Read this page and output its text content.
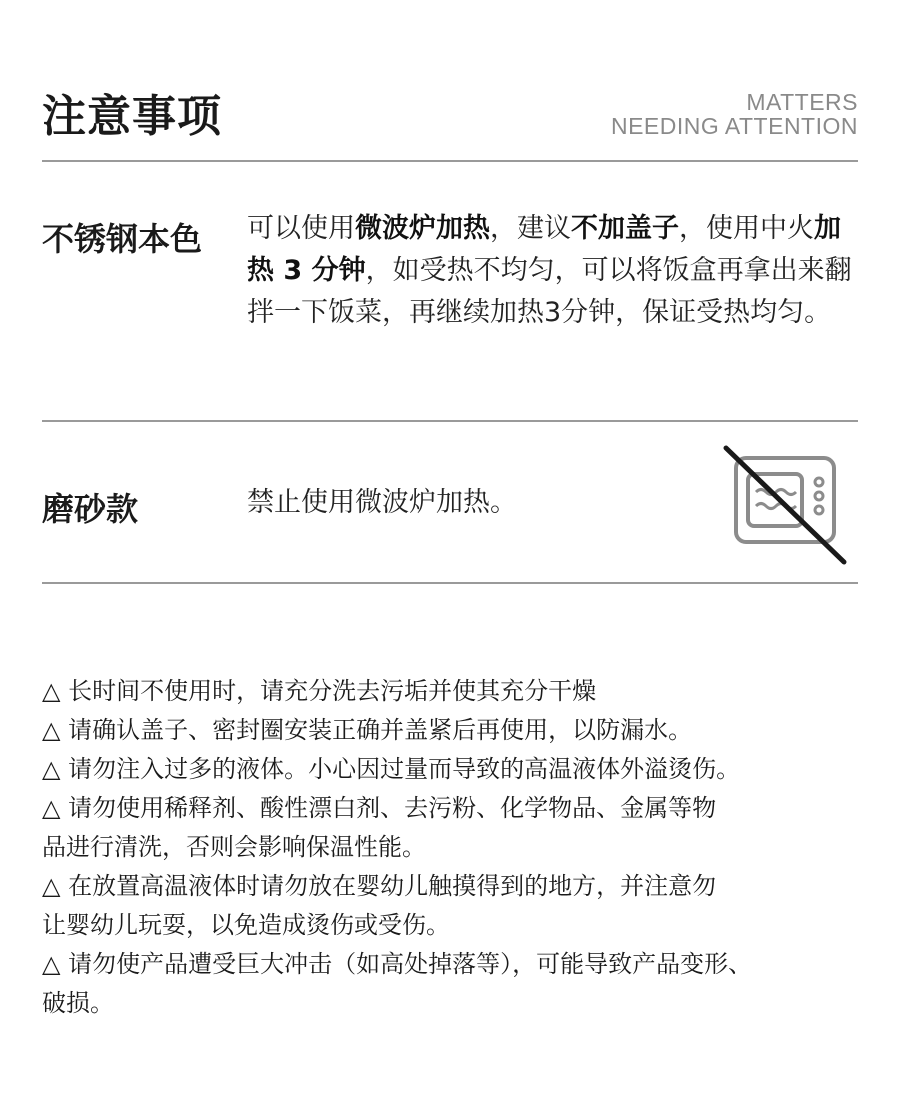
注意事项	MATTERS
NEEDING ATTENTION
不锈钢本色 可以使用微波炉加热，建议不加盖子，使用中火加热 3 分钟，如受热不均匀，可以将饭盒再拿出来翻拌一下饭菜，再继续加热3分钟，保证受热均匀。
磨砂款	禁止使用微波炉加热。
△ 长时间不使用时，请充分洗去污垢并使其充分干燥
△ 请确认盖子、密封圈安装正确并盖紧后再使用，以防漏水。
△ 请勿注入过多的液体。小心因过量而导致的高温液体外溢烫伤。
△ 请勿使用稀释剂、酸性漂白剂、去污粉、化学物品、金属等物
品进行清洗，否则会影响保温性能。
△ 在放置高温液体时请勿放在婴幼儿触摸得到的地方，并注意勿
让婴幼儿玩耍，以免造成烫伤或受伤。
△ 请勿使产品遭受巨大冲击（如高处掉落等），可能导致产品变形、
破损。
